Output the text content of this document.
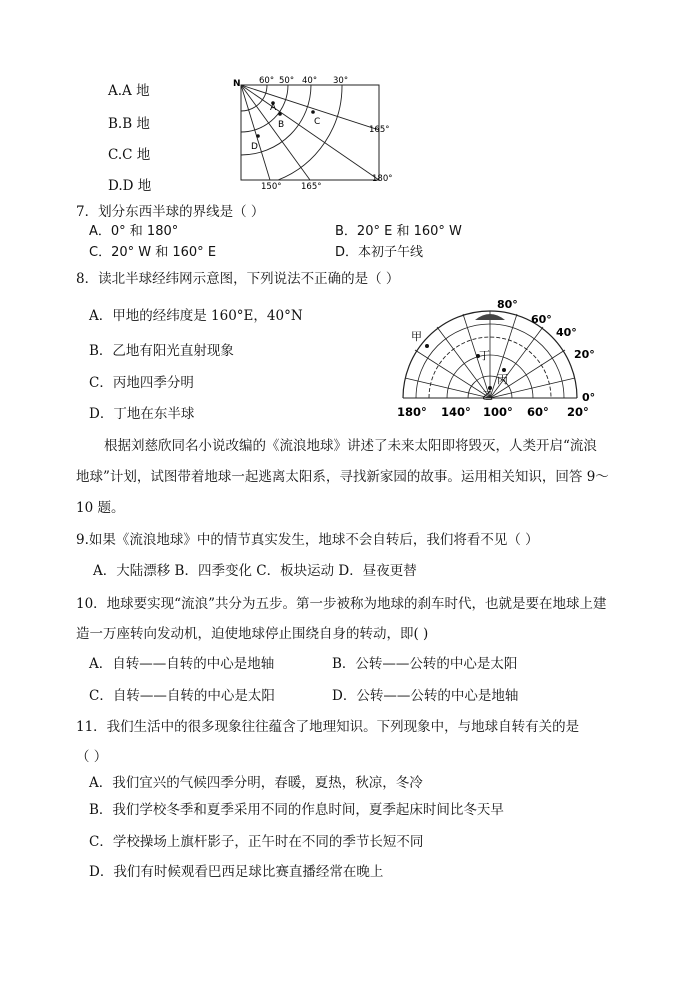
A.A 地
B.B 地
C.C 地
D.D 地
N 60° 50° 40° 30°
165°
180°
150° 165°
A
B	C
D
7．划分东西半球的界线是（ ）
A．0° 和 180°	B．20° E 和 160° W
C．20° W 和 160° E	D．本初子午线
8．读北半球经纬网示意图，下列说法不正确的是（ ）
A．甲地的经纬度是 160°E，40°N
B．乙地有阳光直射现象
C．丙地四季分明
D．丁地在东半球
甲
丁
丙
乙
80°
60°
40°
20°
0°
180° 140° 100° 60° 20°
根据刘慈欣同名小说改编的《流浪地球》讲述了未来太阳即将毁灭，人类开启“流浪
地球”计划，试图带着地球一起逃离太阳系，寻找新家园的故事。运用相关知识，回答 9～
10 题。
9.如果《流浪地球》中的情节真实发生，地球不会自转后，我们将看不见（ ）
A．大陆漂移 B．四季变化 C．板块运动 D．昼夜更替
10．地球要实现“流浪”共分为五步。第一步被称为地球的刹车时代，也就是要在地球上建
造一万座转向发动机，迫使地球停止围绕自身的转动，即( )
A．自转——自转的中心是地轴	B．公转——公转的中心是太阳
C．自转——自转的中心是太阳	D．公转——公转的中心是地轴
11．我们生活中的很多现象往往蕴含了地理知识。下列现象中，与地球自转有关的是
（ ）
A．我们宜兴的气候四季分明，春暖，夏热，秋凉，冬冷
B．我们学校冬季和夏季采用不同的作息时间，夏季起床时间比冬天早
C．学校操场上旗杆影子，正午时在不同的季节长短不同
D．我们有时候观看巴西足球比赛直播经常在晚上
